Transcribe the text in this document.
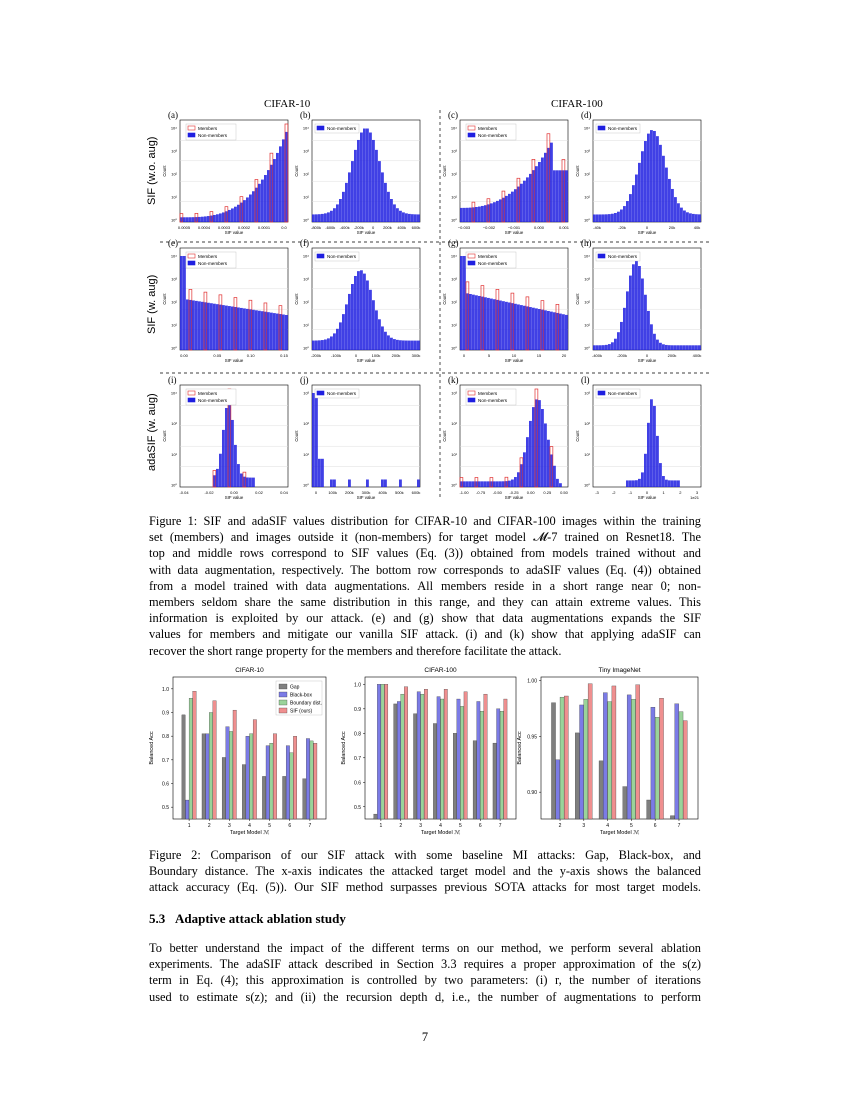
(a)
Members
Non-members
10⁴
10³
10²
10¹
10⁰
Count
0.0005 0.0004 0.0003 0.0002 0.0001	0.0
SIF value
(b)
Non-members
10⁴
10³
10²
10¹
10⁰
Count
-800k -600k -400k -200k 0 200k 400k 600k
SIF value
(c)
Members
Non-members
10⁴
10³
10²
10¹
10⁰
Count
−0.003	−0.002	−0.001	0.000	0.001
SIF value
(d)
Non-members
10⁴
10³
10²
10¹
10⁰
Count
-40k	-20k	0	20k	40k
SIF value
(e)
Members
Non-members
10⁴
10³
10²
10¹
10⁰
Count
0.00	0.05	0.10	0.15
SIF value
(f)
Non-members
10⁴
10³
10²
10¹
10⁰
Count
-200k -100k	0	100k	200k	300k
SIF value
(g)
Members
Non-members
10⁴
10³
10²
10¹
10⁰
Count
0	5	10	15	20
SIF value
(h)
Non-members
10⁴
10³
10²
10¹
10⁰
Count
-400k	-200k	0	200k	400k
SIF value
(i)
Members
Non-members
10⁴
10²
10¹
10⁰
Count
-0.04	-0.02	0.00	0.02	0.04
SIF value
(j)
Non-members
10³
10²
10¹
10⁰
Count
0	100k 200k 300k 400k 500k 600k
SIF value
(k)
Members
Non-members
10³
10²
10¹
10⁰
Count
-1.00 -0.75 -0.50 -0.25 0.00 0.25 0.50
SIF value
(l)
Non-members
10³
10²
10¹
10⁰
Count
-3	-2	-1	0	1	2	3
SIF value	1e21
CIFAR-10
0.5
0.6
0.7
0.8
0.9
1.0
Balanced Acc
1	2	3	4	5	6	7
Target Model ℳ
Gap
Black-box
Boundary dist.
SIF (ours)
CIFAR-100
0.5
0.6
0.7
0.8
0.9
1.0
Balanced Acc
1	2	3	4	5	6	7
Target Model ℳ
Tiny ImageNet
0.90
0.95
1.00
Balanced Acc
2	3	4	5	6	7
Target Model ℳ
CIFAR-10	CIFAR-100
SIF (w.o. aug)
SIF (w. aug)
adaSIF (w. aug)
Figure 1: SIF and adaSIF values distribution for CIFAR-10 and CIFAR-100 images within the training
set (members) and images outside it (non-members) for target model 𝓜-7 trained on Resnet18. The
top and middle rows correspond to SIF values (Eq. (3)) obtained from models trained without and
with data augmentation, respectively. The bottom row corresponds to adaSIF values (Eq. (4)) obtained
from a model trained with data augmentations. All members reside in a short range near 0; non-
members seldom share the same distribution in this range, and they can attain extreme values. This
information is exploited by our attack. (e) and (g) show that data augmentations expands the SIF
values for members and mitigate our vanilla SIF attack. (i) and (k) show that applying adaSIF can
recover the short range property for the members and therefore facilitate the attack.
Figure 2: Comparison of our SIF attack with some baseline MI attacks: Gap, Black-box, and
Boundary distance. The x-axis indicates the attacked target model and the y-axis shows the balanced
attack accuracy (Eq. (5)). Our SIF method surpasses previous SOTA attacks for most target models.
5.3 Adaptive attack ablation study
To better understand the impact of the different terms on our method, we perform several ablation
experiments. The adaSIF attack described in Section 3.3 requires a proper approximation of the s(z)
term in Eq. (4); this approximation is controlled by two parameters: (i) r, the number of iterations
used to estimate s(z); and (ii) the recursion depth d, i.e., the number of augmentations to perform
7
